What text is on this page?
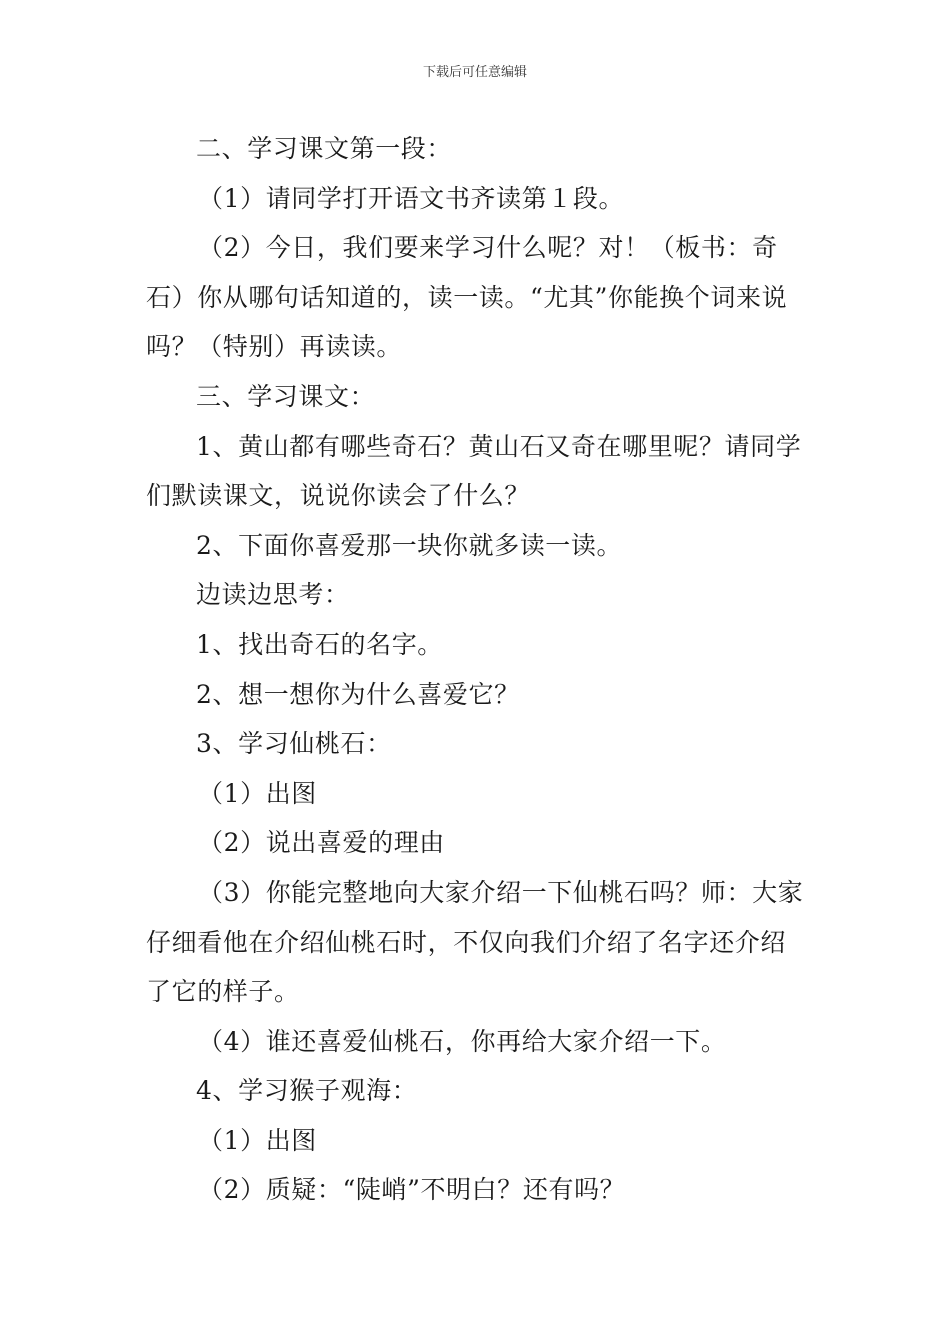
下载后可任意编辑

二、学习课文第一段：

（1）请同学打开语文书齐读第１段。

（2）今日，我们要来学习什么呢？对！（板书：奇石）你从哪句话知道的，读一读。“尤其”你能换个词来说吗？（特别）再读读。

三、学习课文：

1、黄山都有哪些奇石？黄山石又奇在哪里呢？请同学们默读课文，说说你读会了什么？

2、下面你喜爱那一块你就多读一读。

边读边思考：

1、找出奇石的名字。

2、想一想你为什么喜爱它？

3、学习仙桃石：

（1）出图

（2）说出喜爱的理由

（3）你能完整地向大家介绍一下仙桃石吗？师：大家仔细看他在介绍仙桃石时，不仅向我们介绍了名字还介绍了它的样子。

（4）谁还喜爱仙桃石，你再给大家介绍一下。

4、学习猴子观海：

（1）出图

（2）质疑：“陡峭”不明白？还有吗？
